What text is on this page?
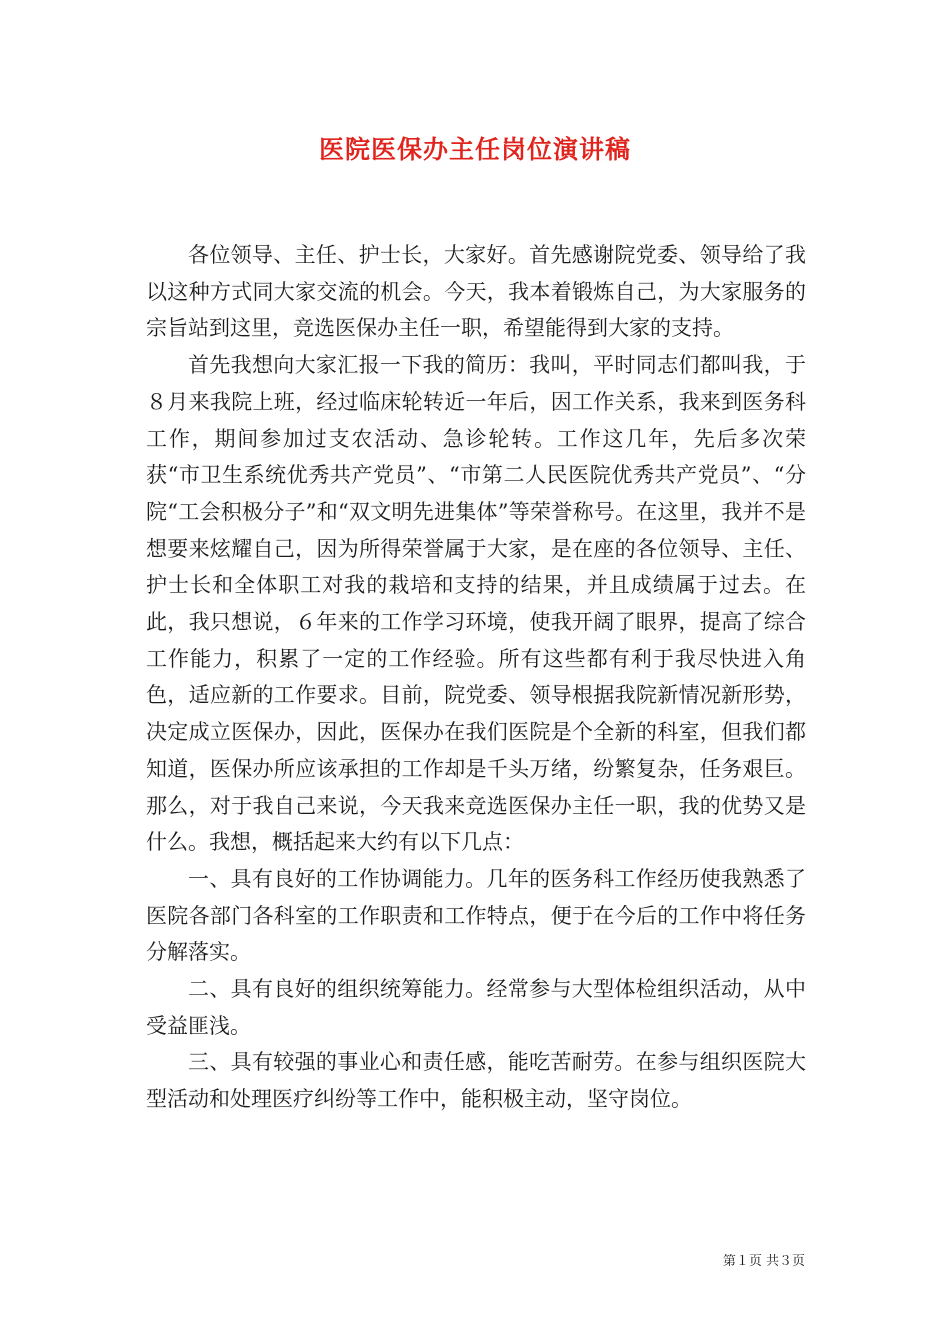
医院医保办主任岗位演讲稿

各位领导、主任、护士长，大家好。首先感谢院党委、领导给了我以这种方式同大家交流的机会。今天，我本着锻炼自己，为大家服务的宗旨站到这里，竞选医保办主任一职，希望能得到大家的支持。

首先我想向大家汇报一下我的简历：我叫，平时同志们都叫我，于８月来我院上班，经过临床轮转近一年后，因工作关系，我来到医务科工作，期间参加过支农活动、急诊轮转。工作这几年，先后多次荣获“市卫生系统优秀共产党员”、“市第二人民医院优秀共产党员”、“分院“工会积极分子”和“双文明先进集体”等荣誉称号。在这里，我并不是想要来炫耀自己，因为所得荣誉属于大家，是在座的各位领导、主任、护士长和全体职工对我的栽培和支持的结果，并且成绩属于过去。在此，我只想说，６年来的工作学习环境，使我开阔了眼界，提高了综合工作能力，积累了一定的工作经验。所有这些都有利于我尽快进入角色，适应新的工作要求。目前，院党委、领导根据我院新情况新形势，决定成立医保办，因此，医保办在我们医院是个全新的科室，但我们都知道，医保办所应该承担的工作却是千头万绪，纷繁复杂，任务艰巨。那么，对于我自己来说，今天我来竞选医保办主任一职，我的优势又是什么。我想，概括起来大约有以下几点：

一、具有良好的工作协调能力。几年的医务科工作经历使我熟悉了医院各部门各科室的工作职责和工作特点，便于在今后的工作中将任务分解落实。

二、具有良好的组织统筹能力。经常参与大型体检组织活动，从中受益匪浅。

三、具有较强的事业心和责任感，能吃苦耐劳。在参与组织医院大型活动和处理医疗纠纷等工作中，能积极主动，坚守岗位。

第１页 共３页
